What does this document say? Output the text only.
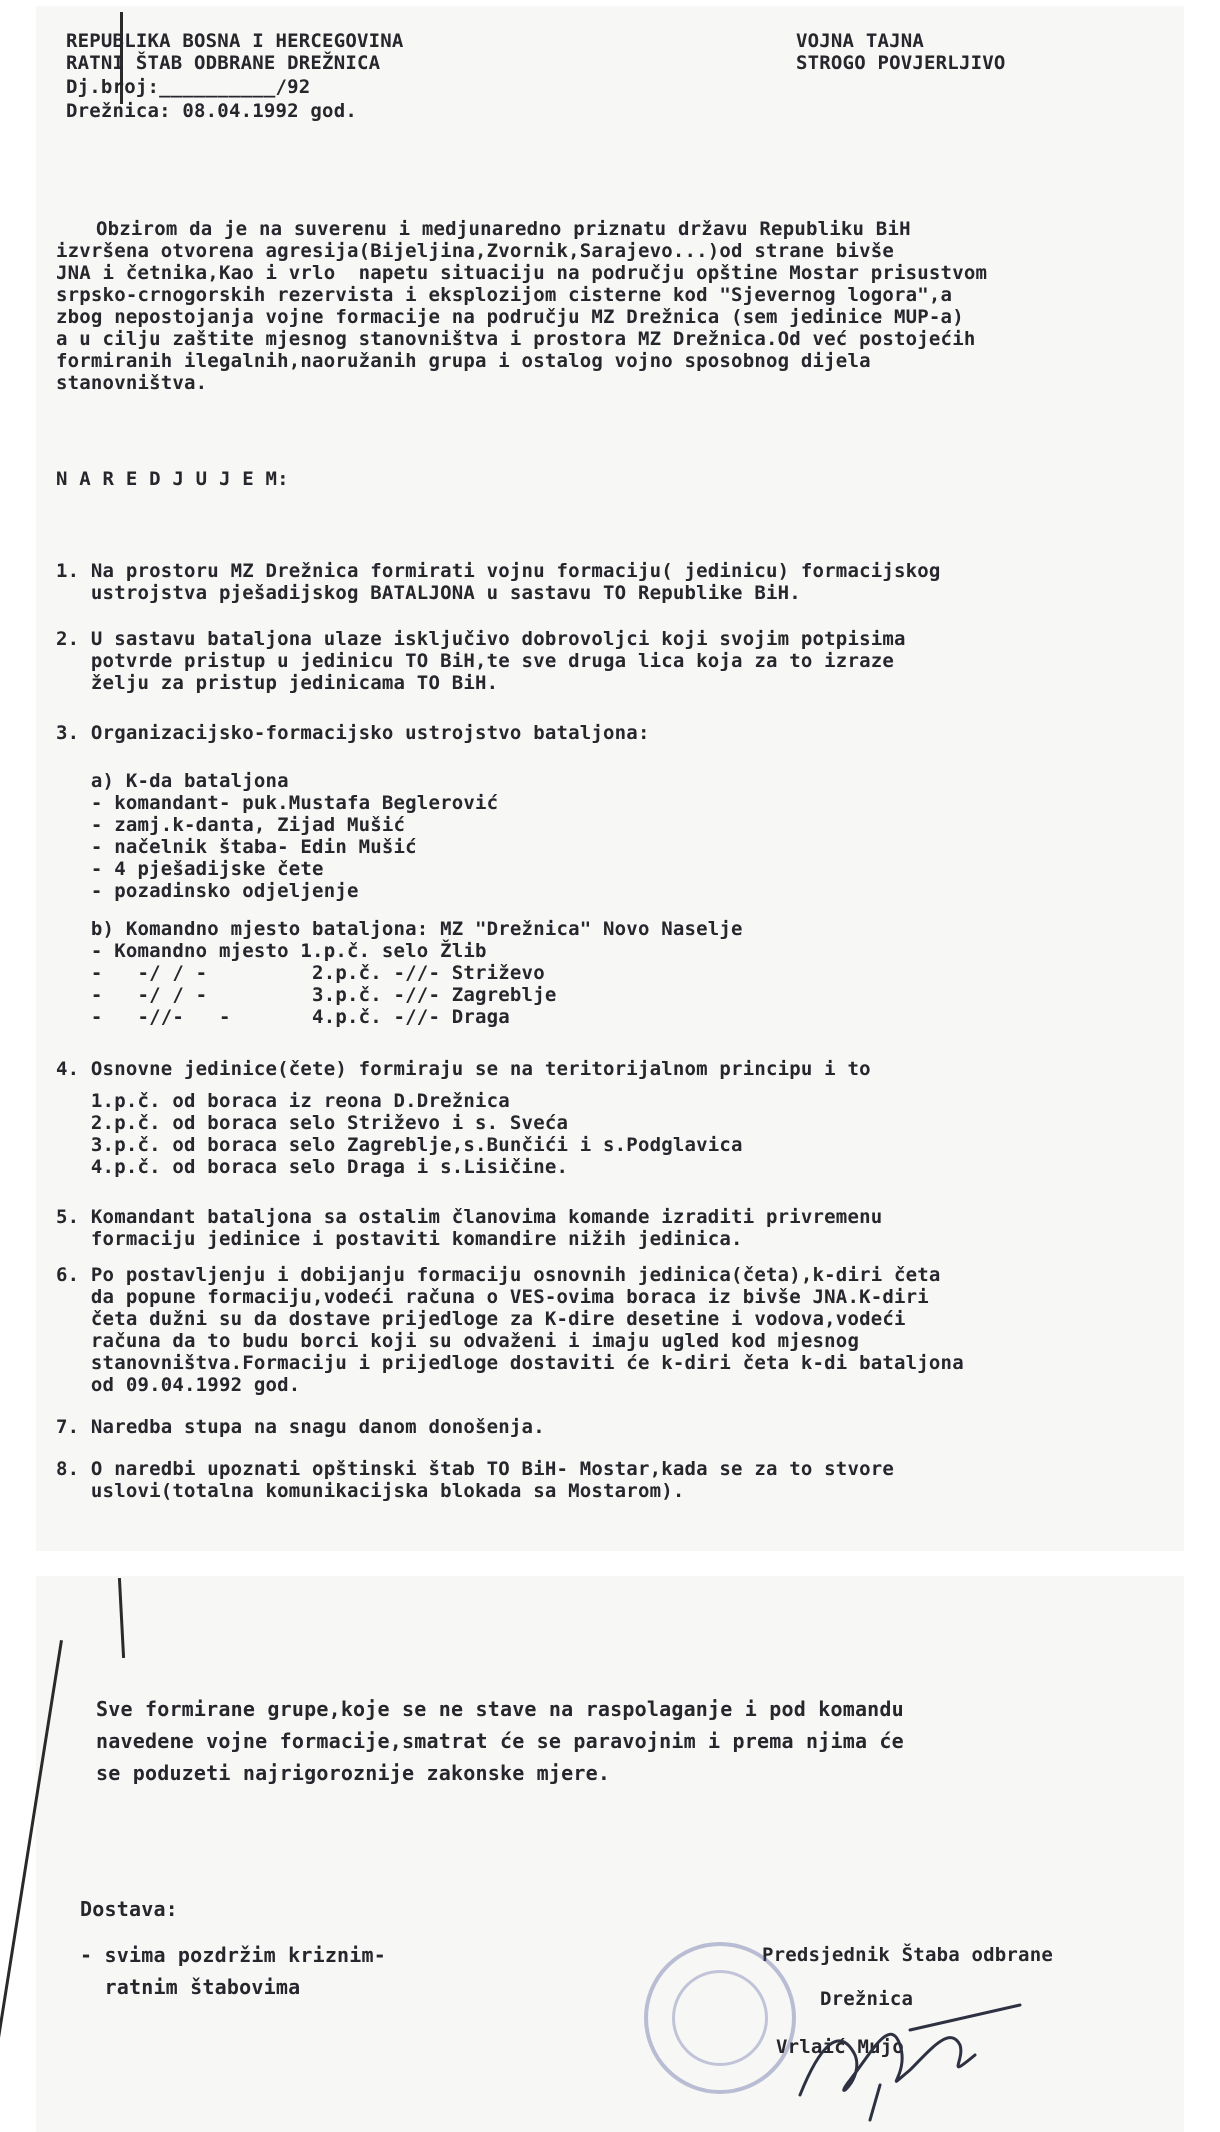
REPUBLIKA BOSNA I HERCEGOVINA
RATNI ŠTAB ODBRANE DREŽNICA
Dj.broj:__________/92
Drežnica: 08.04.1992 god.
VOJNA TAJNA
STROGO POVJERLJIVO
Obzirom da je na suverenu i medjunaredno priznatu državu Republiku BiH
izvršena otvorena agresija(Bijeljina,Zvornik,Sarajevo...)od strane bivše
JNA i četnika,Kao i vrlo  napetu situaciju na području opštine Mostar prisustvom
srpsko-crnogorskih rezervista i eksplozijom cisterne kod "Sjevernog logora",a
zbog nepostojanja vojne formacije na području MZ Drežnica (sem jedinice MUP-a)
a u cilju zaštite mjesnog stanovništva i prostora MZ Drežnica.Od već postojećih
formiranih ilegalnih,naoružanih grupa i ostalog vojno sposobnog dijela
stanovništva.
N A R E D J U J E M:
1. Na prostoru MZ Drežnica formirati vojnu formaciju( jedinicu) formacijskog
ustrojstva pješadijskog BATALJONA u sastavu TO Republike BiH.
2. U sastavu bataljona ulaze isključivo dobrovoljci koji svojim potpisima
potvrde pristup u jedinicu TO BiH,te sve druga lica koja za to izraze
želju za pristup jedinicama TO BiH.
3. Organizacijsko-formacijsko ustrojstvo bataljona:
a) K-da bataljona
- komandant- puk.Mustafa Beglerović
- zamj.k-danta, Zijad Mušić
- načelnik štaba- Edin Mušić
- 4 pješadijske čete
- pozadinsko odjeljenje
b) Komandno mjesto bataljona: MZ "Drežnica" Novo Naselje
- Komandno mjesto 1.p.č. selo Žlib
-   -/ / -         2.p.č. -//- Striževo
-   -/ / -         3.p.č. -//- Zagreblje
-   -//-   -       4.p.č. -//- Draga
4. Osnovne jedinice(čete) formiraju se na teritorijalnom principu i to
1.p.č. od boraca iz reona D.Drežnica
2.p.č. od boraca selo Striževo i s. Sveća
3.p.č. od boraca selo Zagreblje,s.Bunčići i s.Podglavica
4.p.č. od boraca selo Draga i s.Lisičine.
5. Komandant bataljona sa ostalim članovima komande izraditi privremenu
formaciju jedinice i postaviti komandire nižih jedinica.
6. Po postavljenju i dobijanju formaciju osnovnih jedinica(četa),k-diri četa
da popune formaciju,vodeći računa o VES-ovima boraca iz bivše JNA.K-diri
četa dužni su da dostave prijedloge za K-dire desetine i vodova,vodeći
računa da to budu borci koji su odvaženi i imaju ugled kod mjesnog
stanovništva.Formaciju i prijedloge dostaviti će k-diri četa k-di bataljona
od 09.04.1992 god.
7. Naredba stupa na snagu danom donošenja.
8. O naredbi upoznati opštinski štab TO BiH- Mostar,kada se za to stvore
uslovi(totalna komunikacijska blokada sa Mostarom).
Sve formirane grupe,koje se ne stave na raspolaganje i pod komandu
navedene vojne formacije,smatrat će se paravojnim i prema njima će
se poduzeti najrigoroznije zakonske mjere.
Dostava:
- svima pozdržim kriznim-
ratnim štabovima
Predsjednik Štaba odbrane
Drežnica
Vrlaić Mujo
